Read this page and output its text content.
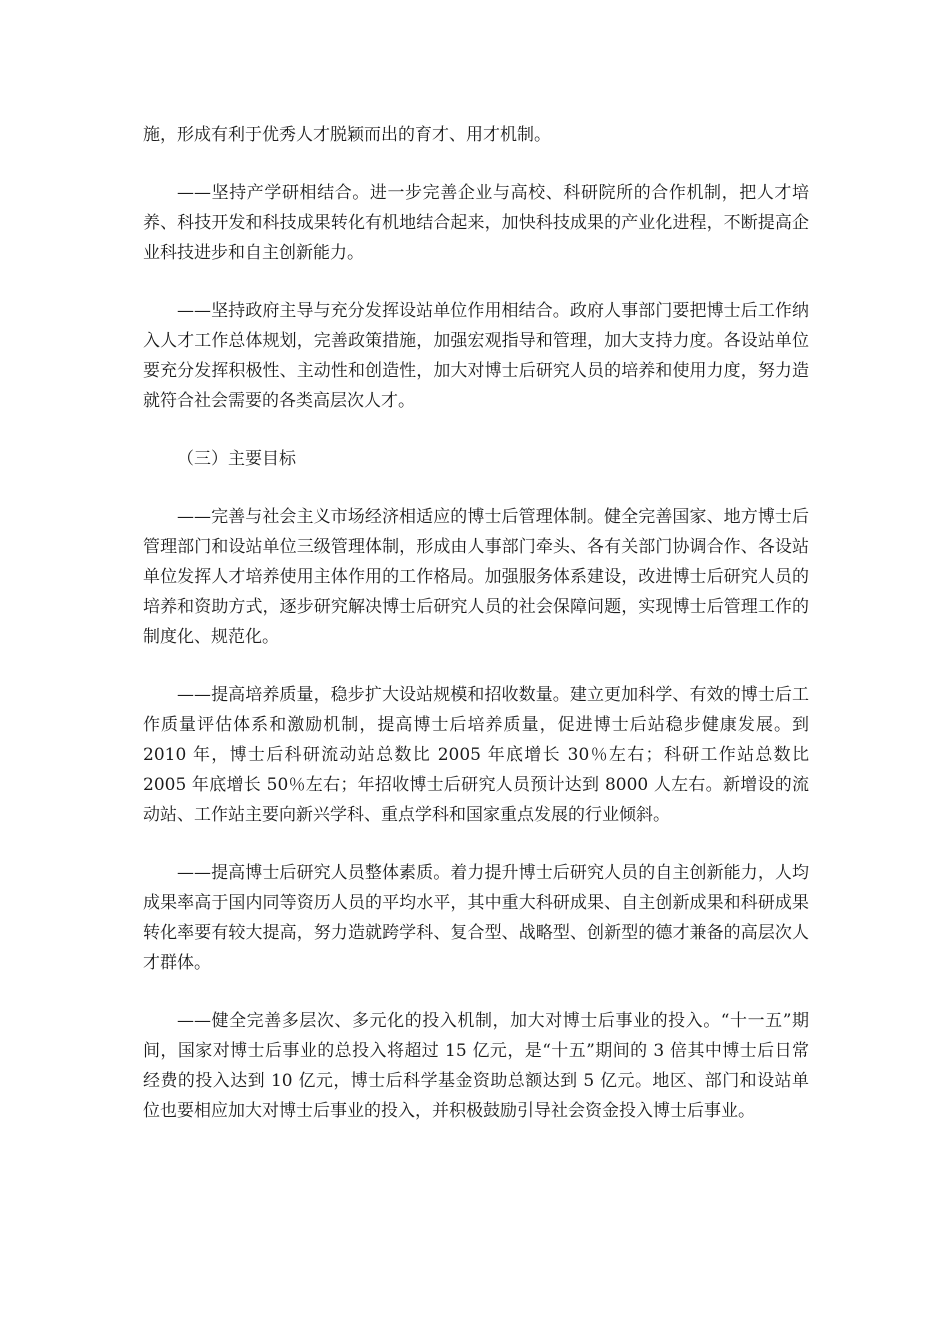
施，形成有利于优秀人才脱颖而出的育才、用才机制。

——坚持产学研相结合。进一步完善企业与高校、科研院所的合作机制，把人才培养、科技开发和科技成果转化有机地结合起来，加快科技成果的产业化进程，不断提高企业科技进步和自主创新能力。

——坚持政府主导与充分发挥设站单位作用相结合。政府人事部门要把博士后工作纳入人才工作总体规划，完善政策措施，加强宏观指导和管理，加大支持力度。各设站单位要充分发挥积极性、主动性和创造性，加大对博士后研究人员的培养和使用力度，努力造就符合社会需要的各类高层次人才。

（三）主要目标

——完善与社会主义市场经济相适应的博士后管理体制。健全完善国家、地方博士后管理部门和设站单位三级管理体制，形成由人事部门牵头、各有关部门协调合作、各设站单位发挥人才培养使用主体作用的工作格局。加强服务体系建设，改进博士后研究人员的培养和资助方式，逐步研究解决博士后研究人员的社会保障问题，实现博士后管理工作的制度化、规范化。

——提高培养质量，稳步扩大设站规模和招收数量。建立更加科学、有效的博士后工作质量评估体系和激励机制，提高博士后培养质量，促进博士后站稳步健康发展。到 2010 年，博士后科研流动站总数比 2005 年底增长 30％左右；科研工作站总数比 2005 年底增长 50％左右；年招收博士后研究人员预计达到 8000 人左右。新增设的流动站、工作站主要向新兴学科、重点学科和国家重点发展的行业倾斜。

——提高博士后研究人员整体素质。着力提升博士后研究人员的自主创新能力，人均成果率高于国内同等资历人员的平均水平，其中重大科研成果、自主创新成果和科研成果转化率要有较大提高，努力造就跨学科、复合型、战略型、创新型的德才兼备的高层次人才群体。

——健全完善多层次、多元化的投入机制，加大对博士后事业的投入。“十一五”期间，国家对博士后事业的总投入将超过 15 亿元，是“十五”期间的 3 倍其中博士后日常经费的投入达到 10 亿元，博士后科学基金资助总额达到 5 亿元。地区、部门和设站单位也要相应加大对博士后事业的投入，并积极鼓励引导社会资金投入博士后事业。
